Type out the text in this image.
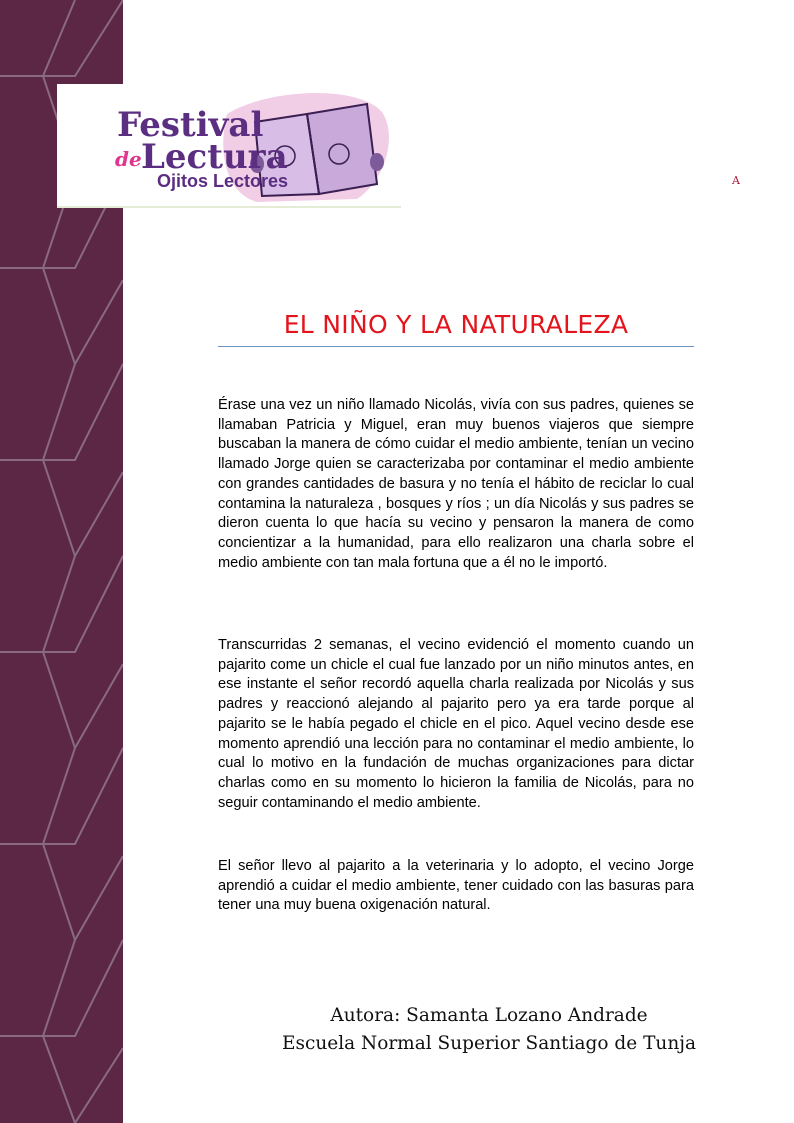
Festival
de Lectura
Ojitos Lectores	A
EL NIÑO Y LA NATURALEZA

Érase una vez un niño llamado Nicolás, vivía con sus padres, quienes se llamaban Patricia y Miguel, eran muy buenos viajeros que siempre buscaban la manera de cómo cuidar el medio ambiente, tenían un vecino llamado Jorge quien se caracterizaba por contaminar el medio ambiente con grandes cantidades de basura y no tenía el hábito de reciclar lo cual contamina la naturaleza , bosques y ríos ; un día Nicolás y sus padres se dieron cuenta lo que hacía su vecino y pensaron la manera de como concientizar a la humanidad, para ello realizaron una charla sobre el medio ambiente con tan mala fortuna que a él no le importó.

Transcurridas 2 semanas, el vecino evidenció el momento cuando un pajarito come un chicle el cual fue lanzado por un niño minutos antes, en ese instante el señor recordó aquella charla realizada por Nicolás y sus padres y reaccionó alejando al pajarito pero ya era tarde porque al pajarito se le había pegado el chicle en el pico. Aquel vecino desde ese momento aprendió una lección para no contaminar el medio ambiente, lo cual lo motivo en la fundación de muchas organizaciones para dictar charlas como en su momento lo hicieron la familia de Nicolás, para no seguir contaminando el medio ambiente.

El señor llevo al pajarito a la veterinaria y lo adopto, el vecino Jorge aprendió a cuidar el medio ambiente, tener cuidado con las basuras para tener una muy buena oxigenación natural.

Autora: Samanta Lozano Andrade
Escuela Normal Superior Santiago de Tunja
